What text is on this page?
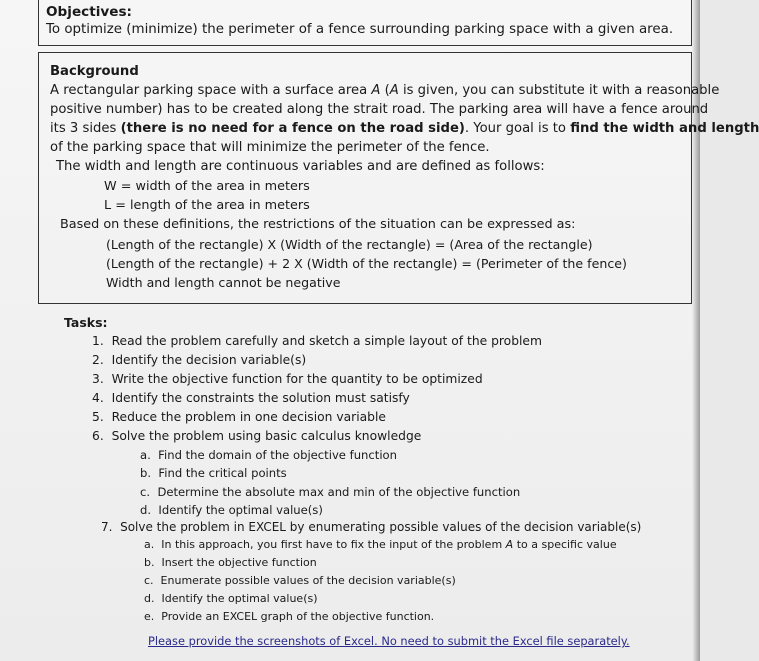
Objectives:
To optimize (minimize) the perimeter of a fence surrounding parking space with a given area.
Background
A rectangular parking space with a surface area A (A is given, you can substitute it with a reasonable
positive number) has to be created along the strait road. The parking area will have a fence around
its 3 sides (there is no need for a fence on the road side). Your goal is to find the width and length
of the parking space that will minimize the perimeter of the fence.
The width and length are continuous variables and are defined as follows:
W = width of the area in meters
L = length of the area in meters
Based on these definitions, the restrictions of the situation can be expressed as:
(Length of the rectangle) X (Width of the rectangle) = (Area of the rectangle)
(Length of the rectangle) + 2 X (Width of the rectangle) = (Perimeter of the fence)
Width and length cannot be negative
Tasks:
1. Read the problem carefully and sketch a simple layout of the problem
2. Identify the decision variable(s)
3. Write the objective function for the quantity to be optimized
4. Identify the constraints the solution must satisfy
5. Reduce the problem in one decision variable
6. Solve the problem using basic calculus knowledge
a. Find the domain of the objective function
b. Find the critical points
c. Determine the absolute max and min of the objective function
d. Identify the optimal value(s)
7. Solve the problem in EXCEL by enumerating possible values of the decision variable(s)
a. In this approach, you first have to fix the input of the problem A to a specific value
b. Insert the objective function
c. Enumerate possible values of the decision variable(s)
d. Identify the optimal value(s)
e. Provide an EXCEL graph of the objective function.
Please provide the screenshots of Excel. No need to submit the Excel file separately.
